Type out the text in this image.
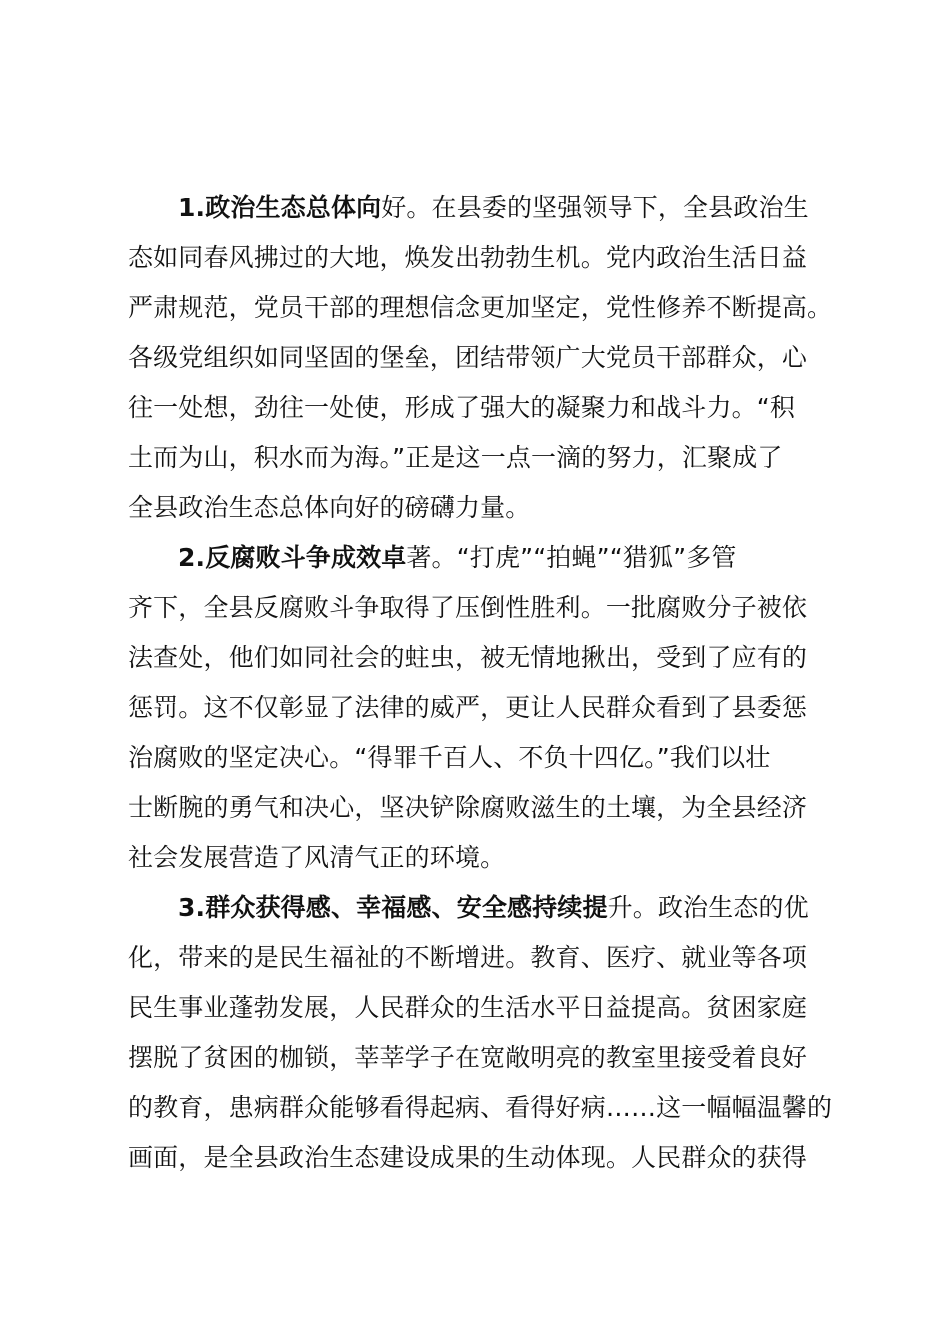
1.政治生态总体向好。在县委的坚强领导下，全县政治生
态如同春风拂过的大地，焕发出勃勃生机。党内政治生活日益
严肃规范，党员干部的理想信念更加坚定，党性修养不断提高。
各级党组织如同坚固的堡垒，团结带领广大党员干部群众，心
往一处想，劲往一处使，形成了强大的凝聚力和战斗力。“积
土而为山，积水而为海。”正是这一点一滴的努力，汇聚成了
全县政治生态总体向好的磅礴力量。
2.反腐败斗争成效卓著。“打虎”“拍蝇”“猎狐”多管
齐下，全县反腐败斗争取得了压倒性胜利。一批腐败分子被依
法查处，他们如同社会的蛀虫，被无情地揪出，受到了应有的
惩罚。这不仅彰显了法律的威严，更让人民群众看到了县委惩
治腐败的坚定决心。“得罪千百人、不负十四亿。”我们以壮
士断腕的勇气和决心，坚决铲除腐败滋生的土壤，为全县经济
社会发展营造了风清气正的环境。
3.群众获得感、幸福感、安全感持续提升。政治生态的优
化，带来的是民生福祉的不断增进。教育、医疗、就业等各项
民生事业蓬勃发展，人民群众的生活水平日益提高。贫困家庭
摆脱了贫困的枷锁，莘莘学子在宽敞明亮的教室里接受着良好
的教育，患病群众能够看得起病、看得好病……这一幅幅温馨的
画面，是全县政治生态建设成果的生动体现。人民群众的获得
